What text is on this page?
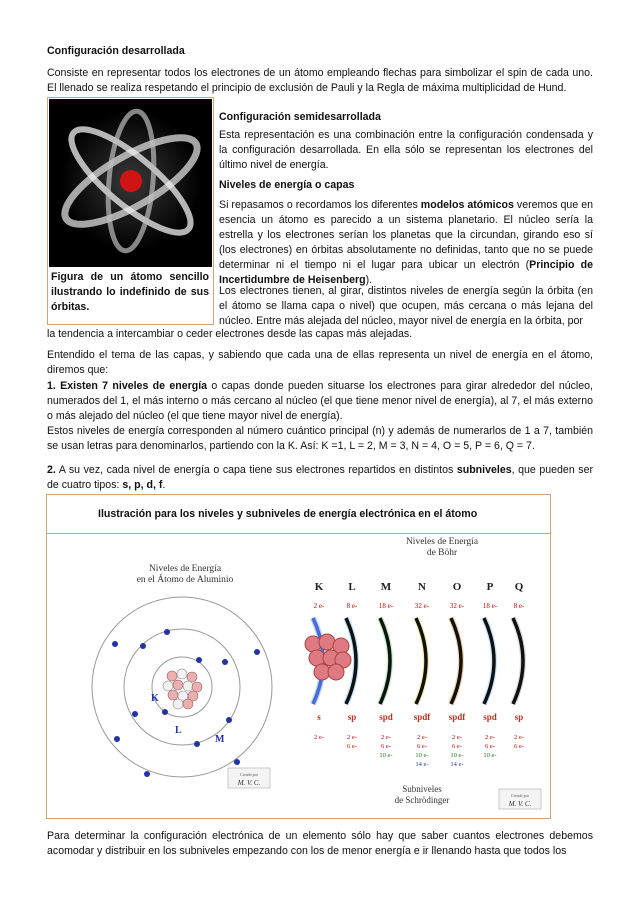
Configuración desarrollada

Consiste en representar todos los electrones de un átomo empleando flechas para simbolizar el spin de cada uno. El llenado se realiza respetando el principio de exclusión de Pauli y la Regla de máxima multiplicidad de Hund.

Figura de un átomo sencillo ilustrando lo indefinido de sus órbitas.
Configuración semidesarrollada

Esta representación es una combinación entre la configuración condensada y la configuración desarrollada. En ella sólo se representan los electrones del último nivel de energía.

Niveles de energía o capas

Si repasamos o recordamos los diferentes modelos atómicos veremos que en esencia un átomo es parecido a un sistema planetario. El núcleo sería la estrella y los electrones serían los planetas que la circundan, girando eso sí (los electrones) en órbitas absolutamente no definidas, tanto que no se puede determinar ni el tiempo ni el lugar para ubicar un electrón (Principio de Incertidumbre de Heisenberg).

Los electrones tienen, al girar, distintos niveles de energía según la órbita (en el átomo se llama capa o nivel) que ocupen, más cercana o más lejana del núcleo. Entre más alejada del núcleo, mayor nivel de energía en la órbita, por

la tendencia a intercambiar o ceder electrones desde las capas más alejadas.

Entendido el tema de las capas, y sabiendo que cada una de ellas representa un nivel de energía en el átomo, diremos que:

1. Existen 7 niveles de energía o capas donde pueden situarse los electrones para girar alrededor del núcleo, numerados del 1, el más interno o más cercano al núcleo (el que tiene menor nivel de energía), al 7, el más externo o más alejado del núcleo (el que tiene mayor nivel de energía).

Estos niveles de energía corresponden al número cuántico principal (n) y además de numerarlos de 1 a 7, también se usan letras para denominarlos, partiendo con la K. Así: K =1, L = 2, M = 3, N = 4, O = 5, P = 6, Q = 7.

2. A su vez, cada nivel de energía o capa tiene sus electrones repartidos en distintos subniveles, que pueden ser de cuatro tipos: s, p, d, f.

Ilustración para los niveles y subniveles de energía electrónica en el átomo
Niveles de Energía
en el Átomo de Aluminio
K
L
M
Creado por
M. V. C.
Niveles de Energía
de Böhr
K
2 e-
s
2 e-
L
8 e-
sp
2 e-
6 e-
M
18 e-
spd
2 e-
6 e-
10 e-
N
32 e-
spdf
2 e-
6 e-
10 e-
14 e-
O
32 e-
spdf
2 e-
6 e-
10 e-
14 e-
P
18 e-
spd
2 e-
6 e-
10 e-
Q
8 e-
sp
2 e-
6 e-
Subniveles
de Schrödinger	Creado por
M. V. C.

Para determinar la configuración electrónica de un elemento sólo hay que saber cuantos electrones debemos acomodar y distribuir en los subniveles empezando con los de menor energía e ir llenando hasta que todos los
